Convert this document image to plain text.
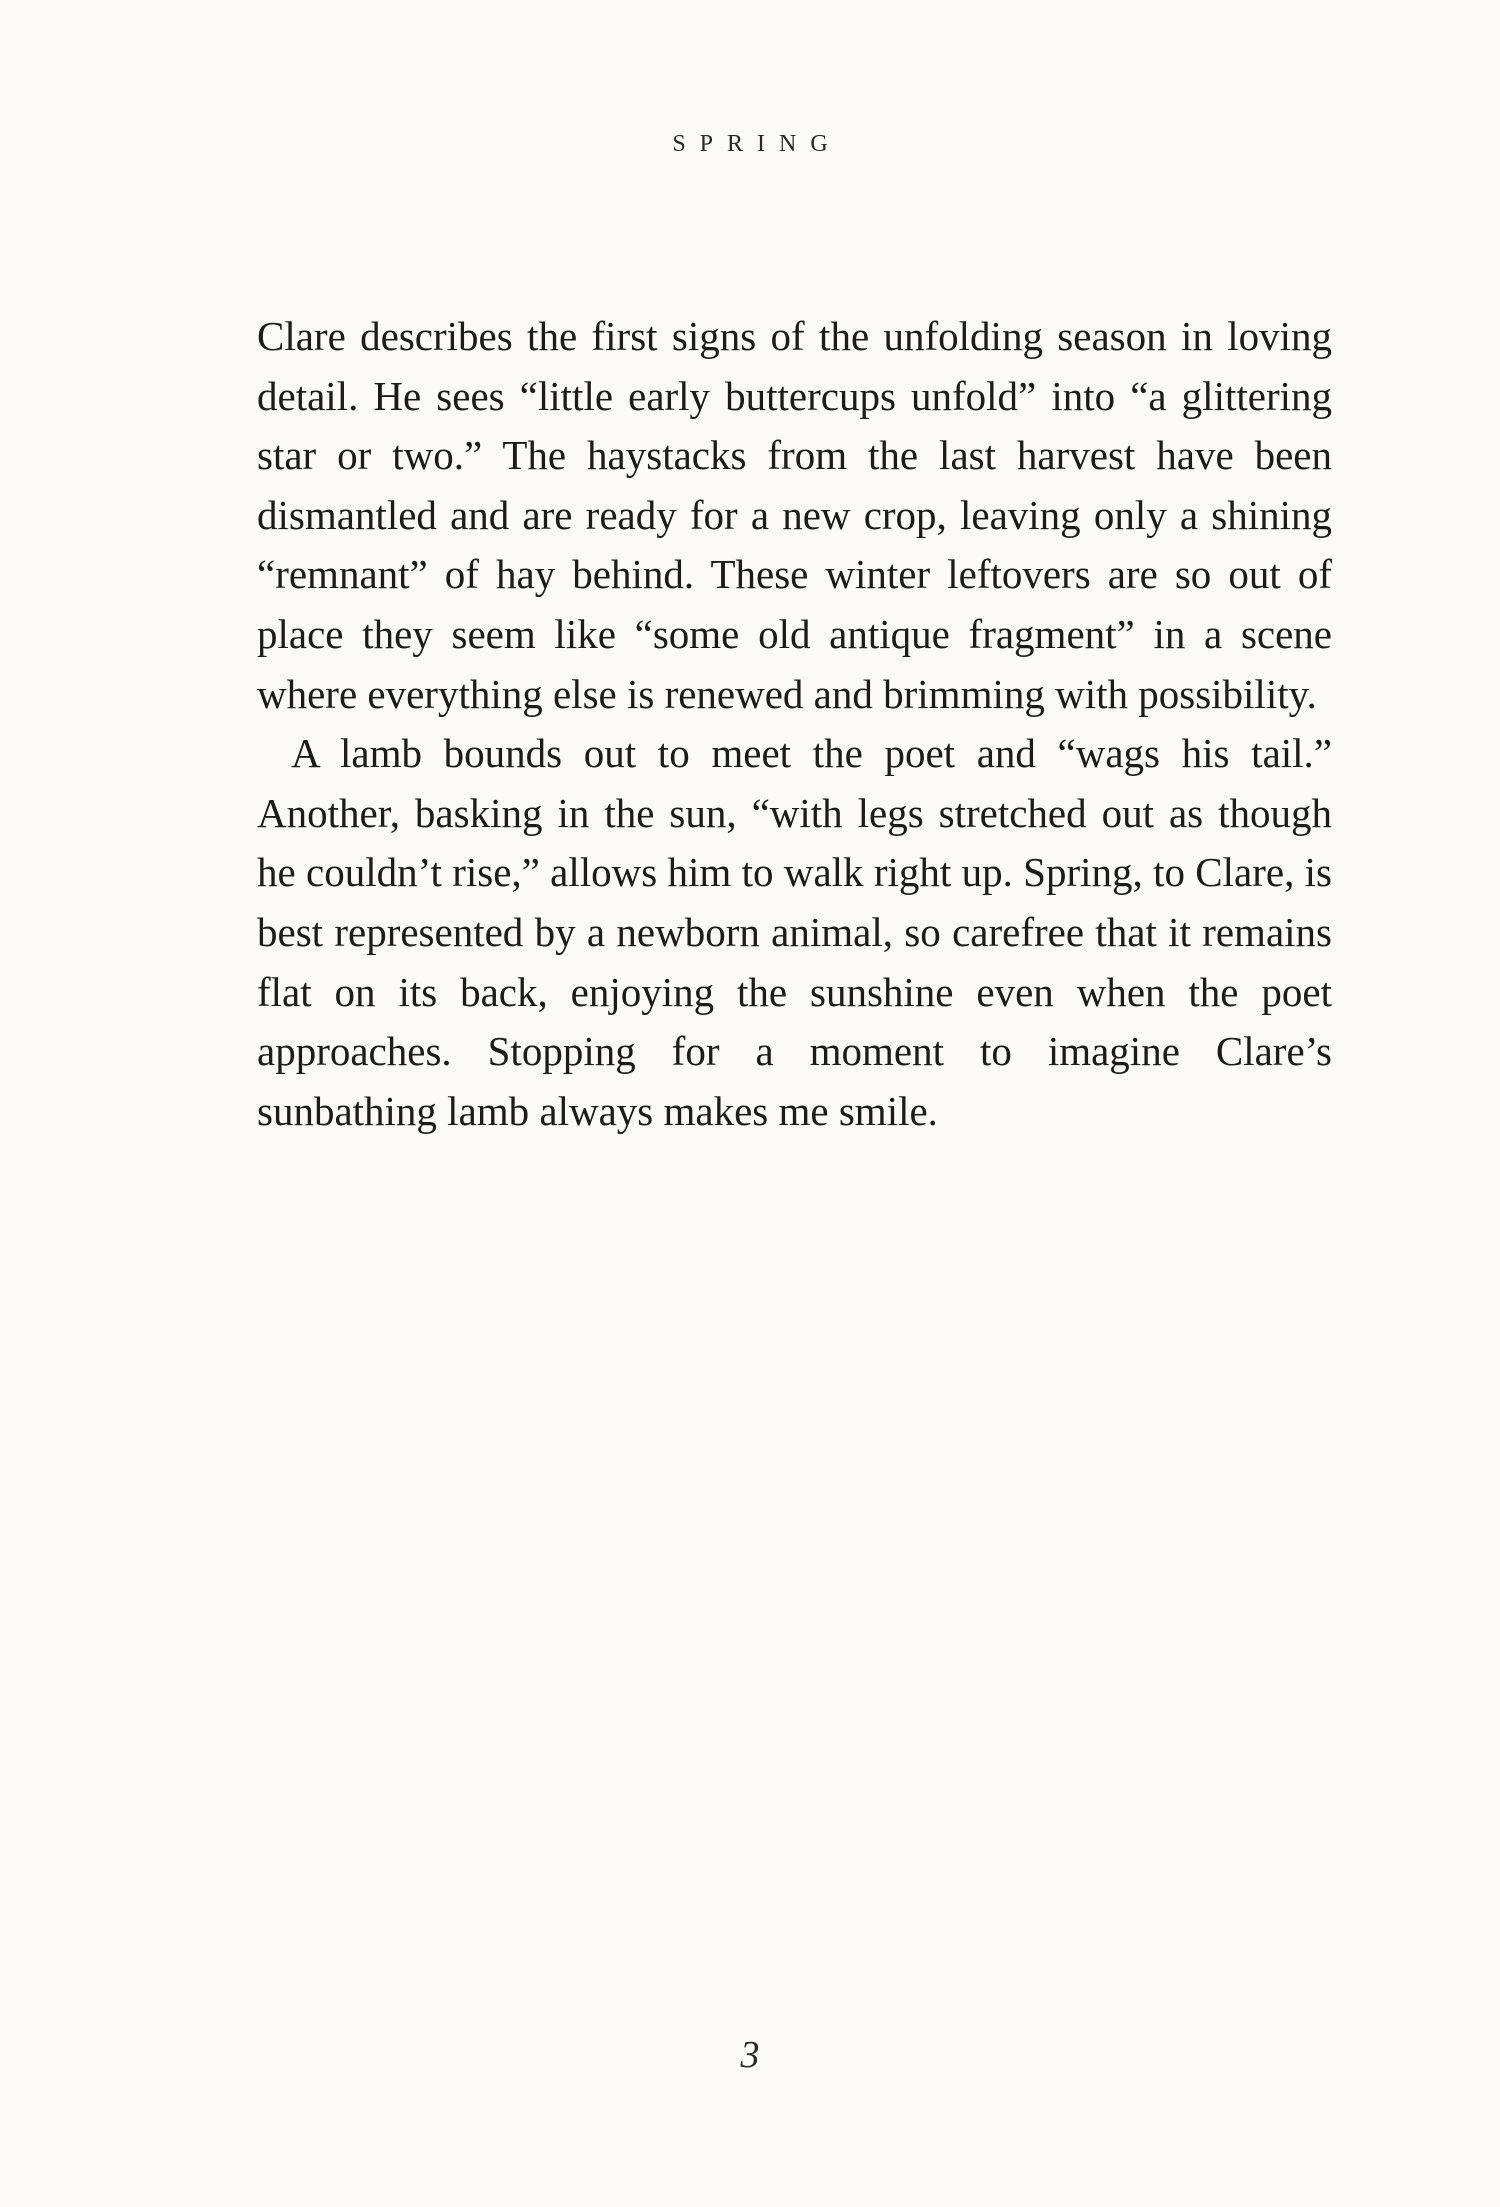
SPRING

Clare describes the first signs of the unfolding season in loving detail. He sees “little early buttercups unfold” into “a glittering star or two.” The haystacks from the last harvest have been dismantled and are ready for a new crop, leaving only a shining “remnant” of hay behind. These winter leftovers are so out of place they seem like “some old antique fragment” in a scene where everything else is renewed and brimming with possibility.

A lamb bounds out to meet the poet and “wags his tail.” Another, basking in the sun, “with legs stretched out as though he couldn’t rise,” allows him to walk right up. Spring, to Clare, is best represented by a newborn animal, so carefree that it remains flat on its back, enjoying the sunshine even when the poet approaches. Stopping for a moment to imagine Clare’s sunbathing lamb always makes me smile.

3
